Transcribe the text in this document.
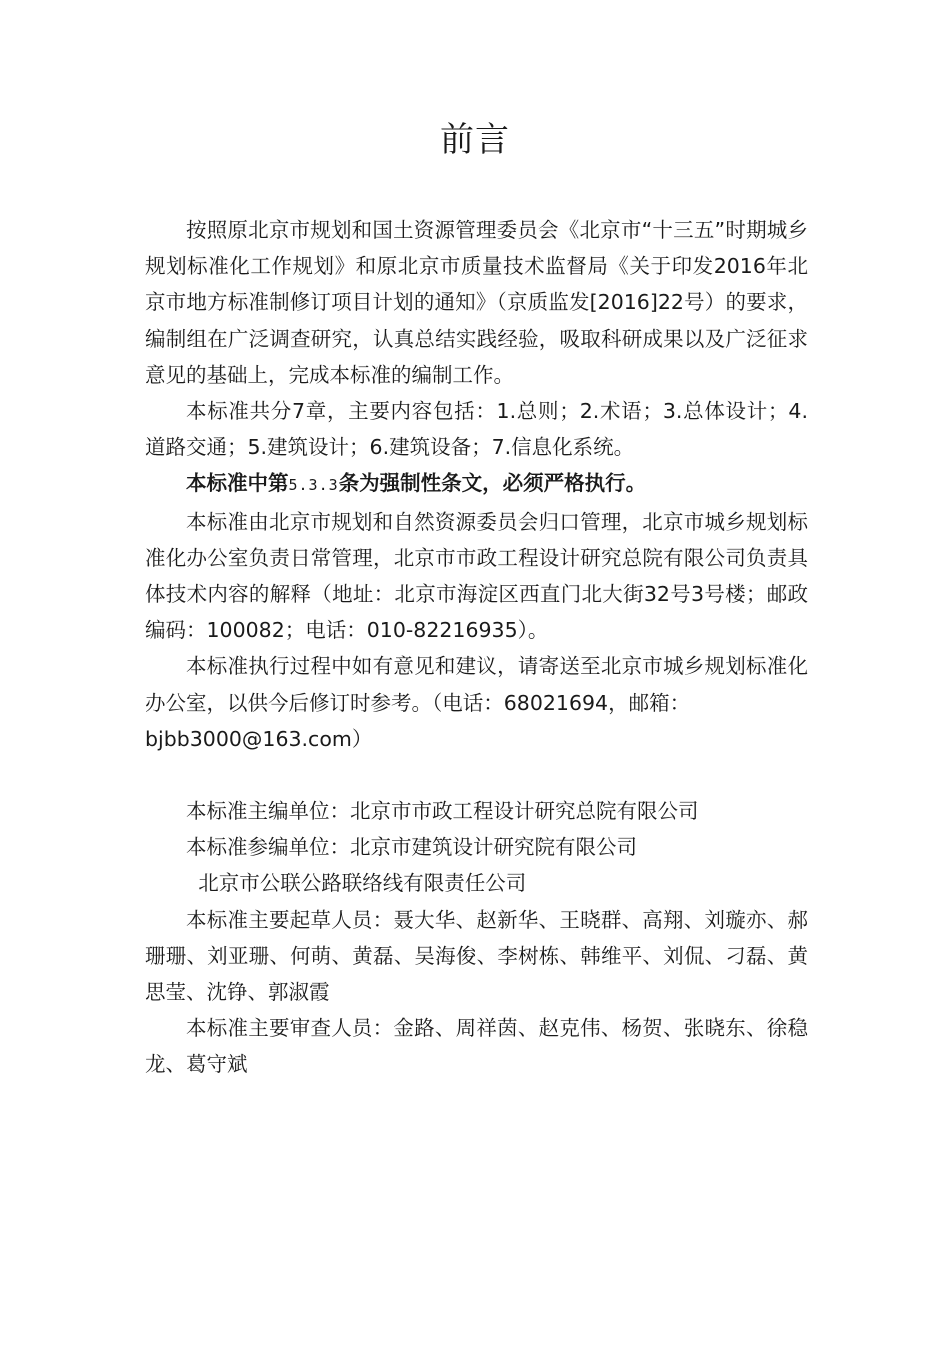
前言

按照原北京市规划和国土资源管理委员会《北京市“十三五”时期城乡规划标准化工作规划》和原北京市质量技术监督局《关于印发2016年北京市地方标准制修订项目计划的通知》（京质监发[2016]22号）的要求，编制组在广泛调查研究，认真总结实践经验，吸取科研成果以及广泛征求意见的基础上，完成本标准的编制工作。

本标准共分7章，主要内容包括：1.总则；2.术语；3.总体设计；4.道路交通；5.建筑设计；6.建筑设备；7.信息化系统。

本标准中第5.3.3条为强制性条文，必须严格执行。

本标准由北京市规划和自然资源委员会归口管理，北京市城乡规划标准化办公室负责日常管理，北京市市政工程设计研究总院有限公司负责具体技术内容的解释（地址：北京市海淀区西直门北大街32号3号楼；邮政编码：100082；电话：010-82216935）。

本标准执行过程中如有意见和建议，请寄送至北京市城乡规划标准化办公室，以供今后修订时参考。（电话：68021694，邮箱：

bjbb3000@163.com）

本标准主编单位：北京市市政工程设计研究总院有限公司

本标准参编单位：北京市建筑设计研究院有限公司

北京市公联公路联络线有限责任公司

本标准主要起草人员：聂大华、赵新华、王晓群、高翔、刘璇亦、郝珊珊、刘亚珊、何萌、黄磊、吴海俊、李树栋、韩维平、刘侃、刁磊、黄思莹、沈铮、郭淑霞

本标准主要审查人员：金路、周祥茵、赵克伟、杨贺、张晓东、徐稳龙、葛守斌
